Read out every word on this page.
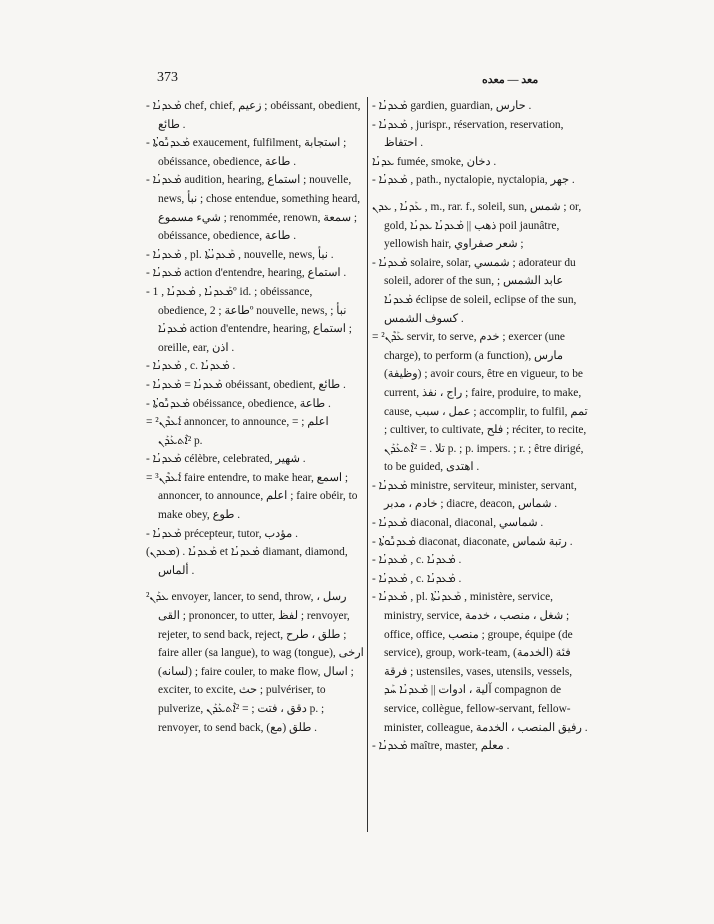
373	معد — معده

- ܡܰܥܕܢܳܐ chef, chief, زعيم ; obéissant, obedient, طائع .

- ܡܰܥܕܢܽܘܬܳܐ exaucement, fulfilment, استجابة ; obéissance, obedience, طاعة .

- ܡܰܥܕܢܳܐ audition, hearing, استماع ; nouvelle, news, نبأ ; chose entendue, something heard, شيء مسموع ; renommée, renown, سمعة ; obéissance, obedience, طاعة .

- ܡܰܥܕܢܳܐ , pl. ܡܰܥܕܢܳܬܳܐ , nouvelle, news, نبأ .

- ܡܰܥܕܢܳܐ action d'entendre, hearing, استماع .

- ܡܰܥܕܢܳܐ , ܡܰܥܕܢܳܐ , 1º id. ; obéissance, obedience, طاعة ; 2º nouvelle, news, نبأ ; ܡܰܥܕܢܳܐ action d'entendre, hearing, استماع ; oreille, ear, اذن .

- ܡܰܥܕܢܳܐ , c. ܡܰܥܕܢܳܐ .

- ܡܰܥܕܢܳܐ = ܡܰܥܕܢܳܐ obéissant, obedient, طائع .

- ܡܰܥܕܢܽܘܬܳܐ obéissance, obedience, طاعة .

= ²ܐܰܥܕܶܢ annoncer, to announce, اعلم ; = ²ܐܶܬܥܰܕܰܢ p.

- ܡܰܥܕܢܳܐ célèbre, celebrated, شهير .

= ³ܐܰܥܕܶܢ faire entendre, to make hear, اسمع ; annoncer, to announce, اعلم ; faire obéir, to make obey, طوع .

- ܡܰܥܕܢܳܐ précepteur, tutor, مؤدب .

(ܡܥܕܢ) . ܡܰܥܕܢܳܐ et ܡܰܥܕܢܳܐ diamant, diamond, ألماس .

²ܥܕܰܢ envoyer, lancer, to send, throw, رسل ، القى ; prononcer, to utter, لفظ ; renvoyer, rejeter, to send back, reject, طلق ، طرح ; faire aller (sa langue), to wag (tongue), ارخى (لسانه) ; faire couler, to make flow, اسال ; exciter, to excite, حث ; pulvériser, to pulverize, دقق ، فتت ; = ²ܐܶܬܥܰܕܰܢ p. ; renvoyer, to send back, طلق (مع) .

- ܡܰܥܕܢܳܐ gardien, guardian, حارس .

- ܡܰܥܕܢܳܐ , jurispr., réservation, reservation, احتفاظ .

ܥܕܢܳܐ fumée, smoke, دخان .

- ܡܰܥܕܢܳܐ , path., nyctalopie, nyctalopia, جهر .

ܥܰܕܢܳܐ , ܥܕܢ , m., rar. f., soleil, sun, شمس ; or, gold, ذهب || ܡܰܥܕܢܳܐ ܥܕܢܳܐ poil jaunâtre, yellowish hair, شعر صفراوي ;

- ܡܰܥܕܢܳܐ solaire, solar, شمسي ; adorateur du soleil, adorer of the sun, عابد الشمس ; ܡܰܥܕܢܳܐ éclipse de soleil, eclipse of the sun, كسوف الشمس .

= ²ܥܰܕܶܢ servir, to serve, خدم ; exercer (une charge), to perform (a function), مارس (وظيفة) ; avoir cours, être en vigueur, to be current, راج ، نفذ ; faire, produire, to make, cause, عمل ، سبب ; accomplir, to fulfil, تمم ; cultiver, to cultivate, فلح ; réciter, to recite, تلا . = ²ܐܶܬܥܰܕܰܢ p. ; p. impers. ; r. ; être dirigé, to be guided, اهتدى .

- ܡܰܥܕܢܳܐ ministre, serviteur, minister, servant, خادم ، مدبر ; diacre, deacon, شماس .

- ܡܰܥܕܢܳܐ diaconal, diaconal, شماسي .

- ܡܰܥܕܢܽܘܬܳܐ diaconat, diaconate, رتبة شماس .

- ܡܰܥܕܢܳܐ , c. ܡܰܥܕܢܳܐ .

- ܡܰܥܕܢܳܐ , c. ܡܰܥܕܢܳܐ .

- ܡܰܥܕܢܳܐ , pl. ܡܰܥܕܢܳܬܳܐ , ministère, service, ministry, service, شغل ، منصب ، خدمة ; office, office, منصب ; groupe, équipe (de service), group, work-team, فئة (الخدمة) فرقة ; ustensiles, vases, utensils, vessels, آلية ، ادوات || ܡܰܥܕܢܳܐ ܚܰܕ compagnon de service, collègue, fellow-servant, fellow-minister, colleague, رفيق المنصب ، الخدمة .

- ܡܰܥܕܢܳܐ maître, master, معلم .
